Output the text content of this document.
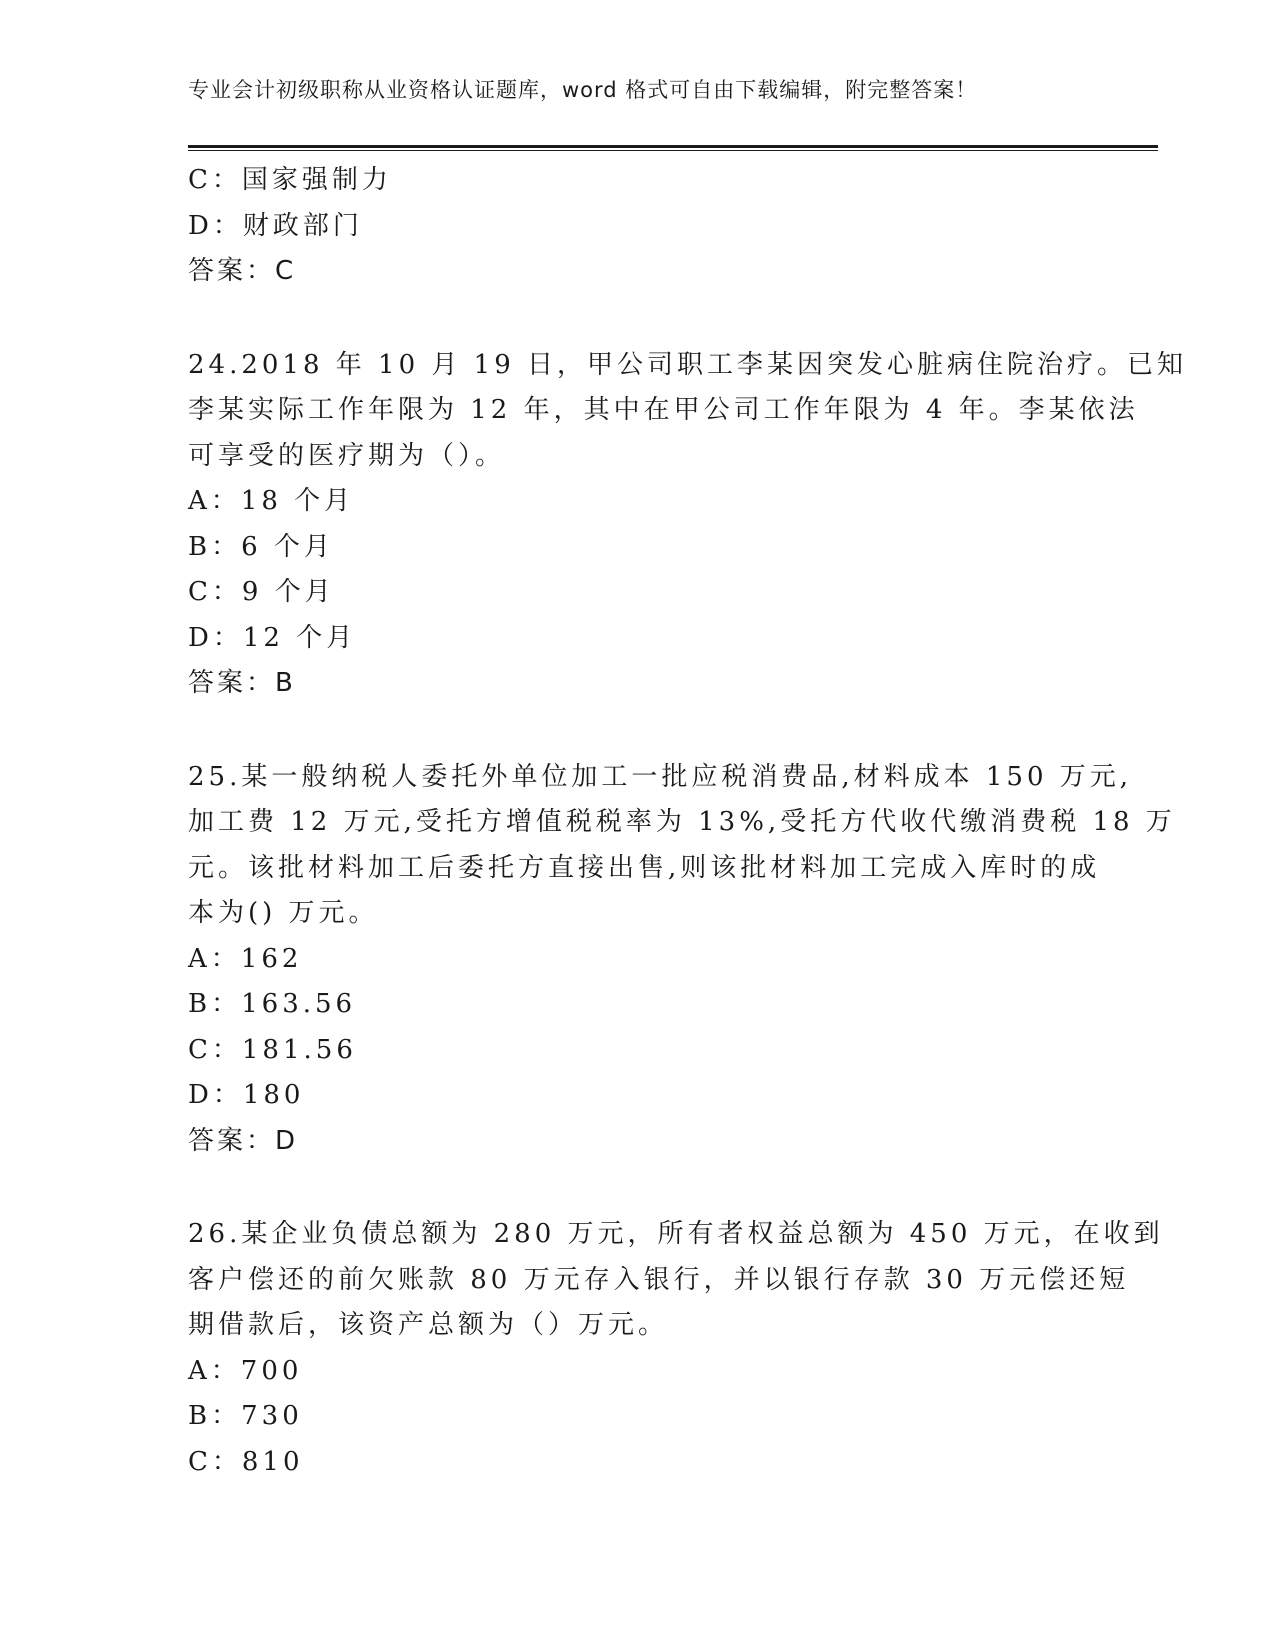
专业会计初级职称从业资格认证题库，word 格式可自由下载编辑，附完整答案！
C：国家强制力
D：财政部门
答案：C
24.2018 年 10 月 19 日，甲公司职工李某因突发心脏病住院治疗。已知
李某实际工作年限为 12 年，其中在甲公司工作年限为 4 年。李某依法
可享受的医疗期为（）。
A：18 个月
B：6 个月
C：9 个月
D：12 个月
答案：B
25.某一般纳税人委托外单位加工一批应税消费品,材料成本 150 万元,
加工费 12 万元,受托方增值税税率为 13%,受托方代收代缴消费税 18 万
元。该批材料加工后委托方直接出售,则该批材料加工完成入库时的成
本为() 万元。
A：162
B：163.56
C：181.56
D：180
答案：D
26.某企业负债总额为 280 万元，所有者权益总额为 450 万元，在收到
客户偿还的前欠账款 80 万元存入银行，并以银行存款 30 万元偿还短
期借款后，该资产总额为（）万元。
A：700
B：730
C：810
